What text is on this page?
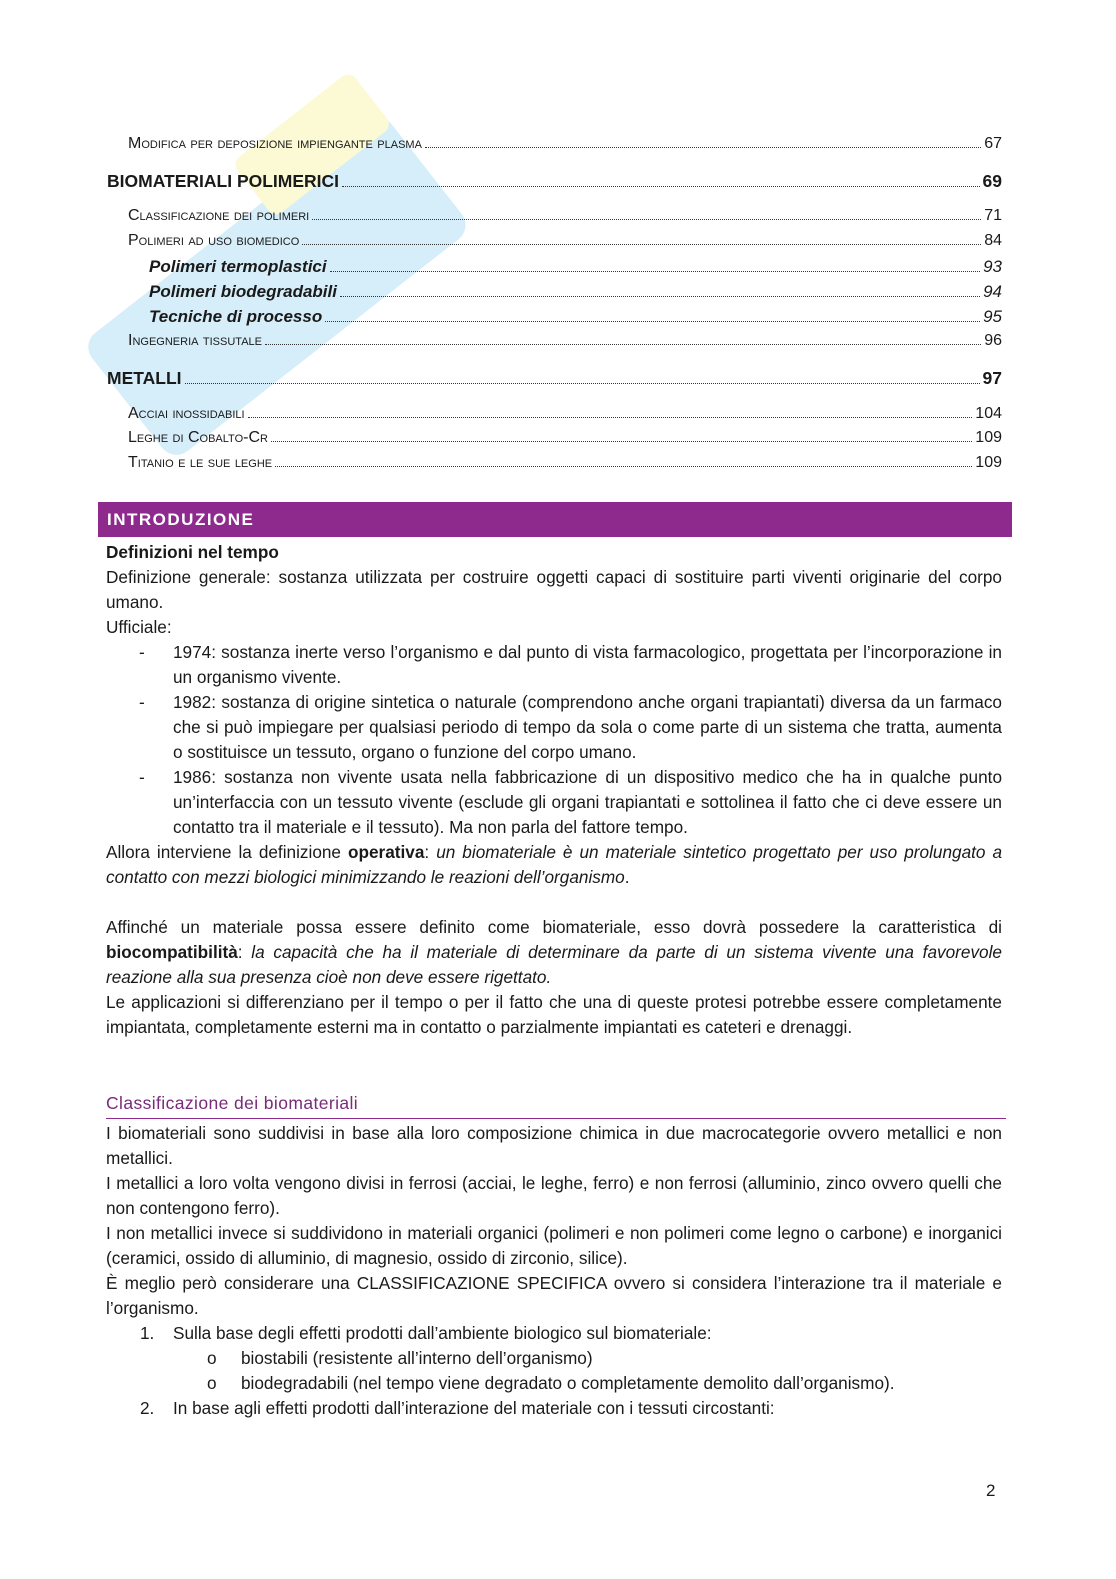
Modifica per deposizione impiengante plasma	67
BIOMATERIALI POLIMERICI	69
Classificazione dei polimeri	71
Polimeri ad uso biomedico	84
Polimeri termoplastici	93
Polimeri biodegradabili	94
Tecniche di processo	95
Ingegneria tissutale	96
METALLI	97
Acciai inossidabili	104
Leghe di Cobalto-Cr	109
Titanio e le sue leghe	109
INTRODUZIONE

Definizioni nel tempo

Definizione generale: sostanza utilizzata per costruire oggetti capaci di sostituire parti viventi originarie del corpo umano.

Ufficiale:

- 1974: sostanza inerte verso l’organismo e dal punto di vista farmacologico, progettata per l’incorporazione in un organismo vivente.

- 1982: sostanza di origine sintetica o naturale (comprendono anche organi trapiantati) diversa da un farmaco che si può impiegare per qualsiasi periodo di tempo da sola o come parte di un sistema che tratta, aumenta o sostituisce un tessuto, organo o funzione del corpo umano.

- 1986: sostanza non vivente usata nella fabbricazione di un dispositivo medico che ha in qualche punto un’interfaccia con un tessuto vivente (esclude gli organi trapiantati e sottolinea il fatto che ci deve essere un contatto tra il materiale e il tessuto). Ma non parla del fattore tempo.

Allora interviene la definizione operativa: un biomateriale è un materiale sintetico progettato per uso prolungato a contatto con mezzi biologici minimizzando le reazioni dell’organismo.

Affinché un materiale possa essere definito come biomateriale, esso dovrà possedere la caratteristica di biocompatibilità: la capacità che ha il materiale di determinare da parte di un sistema vivente una favorevole reazione alla sua presenza cioè non deve essere rigettato.

Le applicazioni si differenziano per il tempo o per il fatto che una di queste protesi potrebbe essere completamente impiantata, completamente esterni ma in contatto o parzialmente impiantati es cateteri e drenaggi.

Classificazione dei biomateriali

I biomateriali sono suddivisi in base alla loro composizione chimica in due macrocategorie ovvero metallici e non metallici.

I metallici a loro volta vengono divisi in ferrosi (acciai, le leghe, ferro) e non ferrosi (alluminio, zinco ovvero quelli che non contengono ferro).

I non metallici invece si suddividono in materiali organici (polimeri e non polimeri come legno o carbone) e inorganici (ceramici, ossido di alluminio, di magnesio, ossido di zirconio, silice).

È meglio però considerare una CLASSIFICAZIONE SPECIFICA ovvero si considera l’interazione tra il materiale e l’organismo.

1. Sulla base degli effetti prodotti dall’ambiente biologico sul biomateriale:

o biostabili (resistente all’interno dell’organismo)

o biodegradabili (nel tempo viene degradato o completamente demolito dall’organismo).

2. In base agli effetti prodotti dall’interazione del materiale con i tessuti circostanti:

2
